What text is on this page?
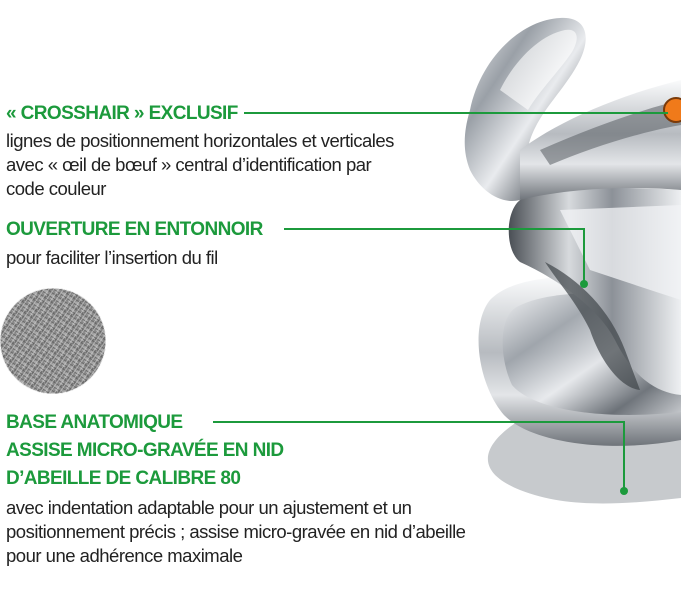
« CROSSHAIR » EXCLUSIF
lignes de positionnement horizontales et verticales
avec « œil de bœuf » central d’identification par
code couleur
OUVERTURE EN ENTONNOIR
pour faciliter l’insertion du fil
BASE ANATOMIQUE
ASSISE MICRO-GRAVÉE EN NID
D’ABEILLE DE CALIBRE 80
avec indentation adaptable pour un ajustement et un
positionnement précis ; assise micro-gravée en nid d’abeille
pour une adhérence maximale
